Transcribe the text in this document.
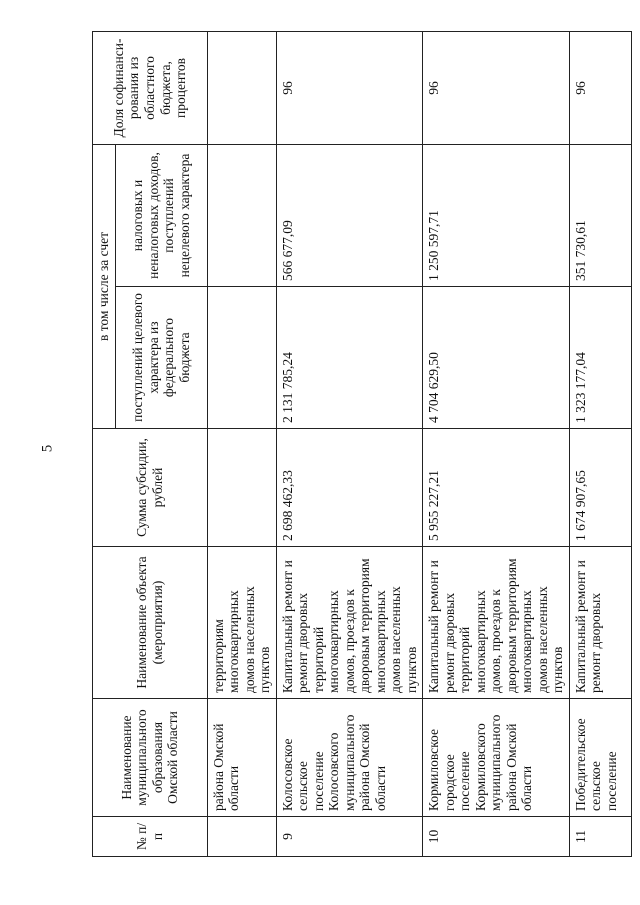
5
№ п/п	Наименование муниципального образования Омской области	Наименование объекта (мероприятия)	Сумма субсидии, рублей	в том числе за счет		Доля софинанси-рования из областного бюджета, процентов
				поступлений целевого характера из федерального бюджета	налоговых и неналоговых доходов, поступлений нецелевого характера	
	района Омской области	территориям многоквартирных домов населенных пунктов				
9	Колосовское сельское поселение Колосовского муниципального района Омской области	Капитальный ремонт и ремонт дворовых территорий многоквартирных домов, проездов к дворовым территориям многоквартирных домов населенных пунктов	2 698 462,33	2 131 785,24	566 677,09	96
10	Кормиловское городское поселение Кормиловского муниципального района Омской области	Капитальный ремонт и ремонт дворовых территорий многоквартирных домов, проездов к дворовым территориям многоквартирных домов населенных пунктов	5 955 227,21	4 704 629,50	1 250 597,71	96
11	Победительское сельское поселение	Капитальный ремонт и ремонт дворовых	1 674 907,65	1 323 177,04	351 730,61	96
